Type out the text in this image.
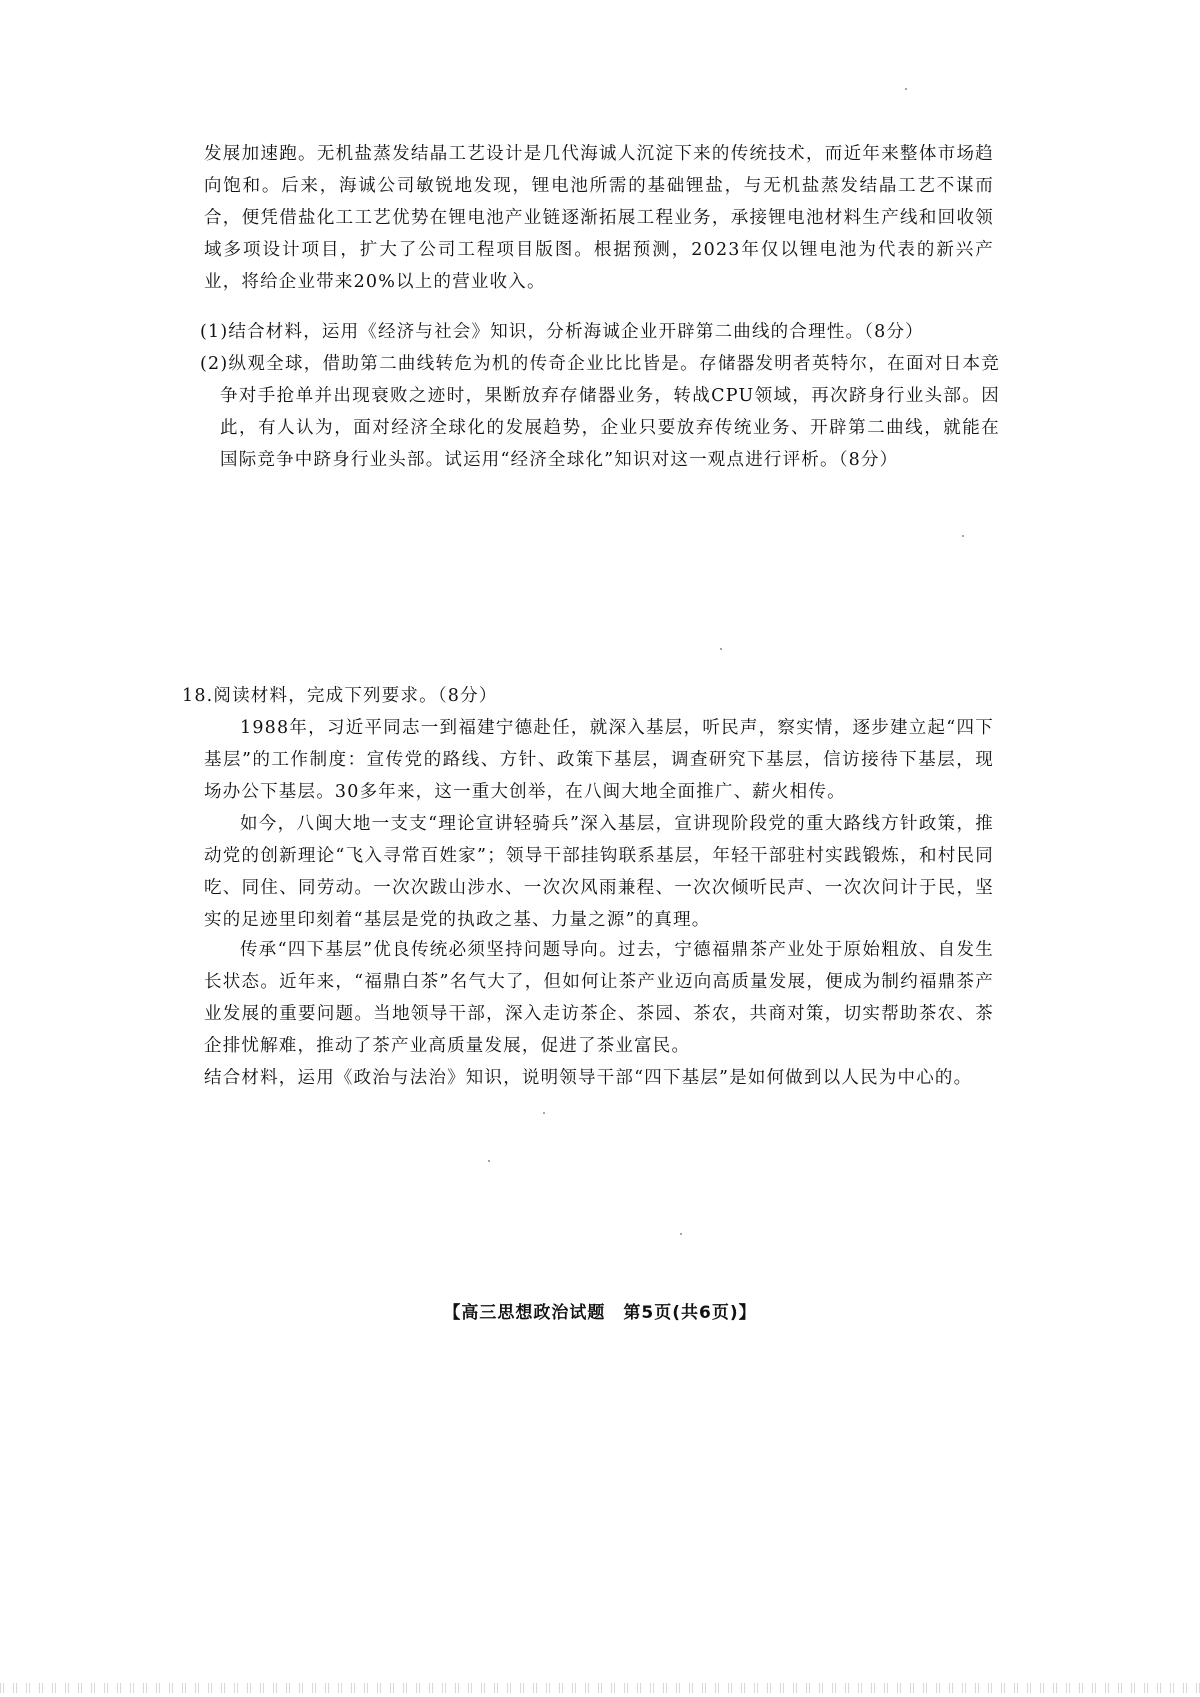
发展加速跑。无机盐蒸发结晶工艺设计是几代海诚人沉淀下来的传统技术，而近年来整体市场趋向饱和。后来，海诚公司敏锐地发现，锂电池所需的基础锂盐，与无机盐蒸发结晶工艺不谋而合，便凭借盐化工工艺优势在锂电池产业链逐渐拓展工程业务，承接锂电池材料生产线和回收领域多项设计项目，扩大了公司工程项目版图。根据预测，2023年仅以锂电池为代表的新兴产业，将给企业带来20%以上的营业收入。

(1)结合材料，运用《经济与社会》知识，分析海诚企业开辟第二曲线的合理性。（8分）

(2)纵观全球，借助第二曲线转危为机的传奇企业比比皆是。存储器发明者英特尔，在面对日本竞争对手抢单并出现衰败之迹时，果断放弃存储器业务，转战CPU领域，再次跻身行业头部。因此，有人认为，面对经济全球化的发展趋势，企业只要放弃传统业务、开辟第二曲线，就能在国际竞争中跻身行业头部。试运用“经济全球化”知识对这一观点进行评析。（8分）

18.阅读材料，完成下列要求。（8分）

1988年，习近平同志一到福建宁德赴任，就深入基层，听民声，察实情，逐步建立起“四下基层”的工作制度：宣传党的路线、方针、政策下基层，调查研究下基层，信访接待下基层，现场办公下基层。30多年来，这一重大创举，在八闽大地全面推广、薪火相传。

如今，八闽大地一支支“理论宣讲轻骑兵”深入基层，宣讲现阶段党的重大路线方针政策，推动党的创新理论“飞入寻常百姓家”；领导干部挂钩联系基层，年轻干部驻村实践锻炼，和村民同吃、同住、同劳动。一次次跋山涉水、一次次风雨兼程、一次次倾听民声、一次次问计于民，坚实的足迹里印刻着“基层是党的执政之基、力量之源”的真理。

传承“四下基层”优良传统必须坚持问题导向。过去，宁德福鼎茶产业处于原始粗放、自发生长状态。近年来，“福鼎白茶”名气大了，但如何让茶产业迈向高质量发展，便成为制约福鼎茶产业发展的重要问题。当地领导干部，深入走访茶企、茶园、茶农，共商对策，切实帮助茶农、茶企排忧解难，推动了茶产业高质量发展，促进了茶业富民。

结合材料，运用《政治与法治》知识，说明领导干部“四下基层”是如何做到以人民为中心的。

【高三思想政治试题　第5页(共6页)】
